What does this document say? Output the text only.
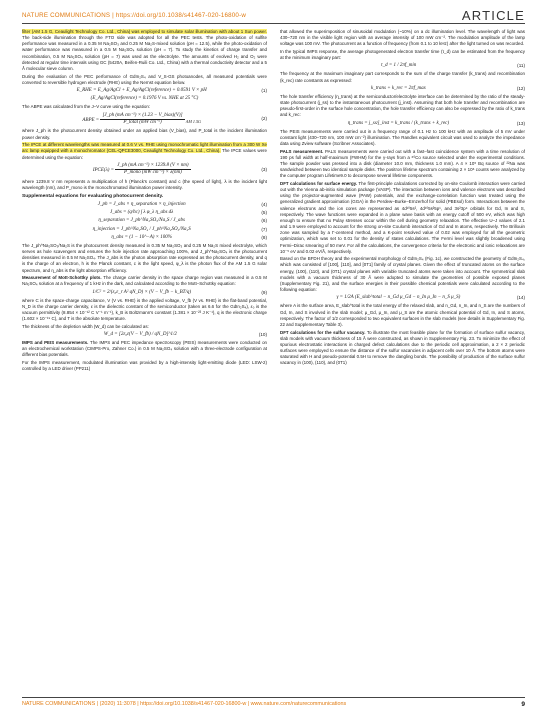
NATURE COMMUNICATIONS | https://doi.org/10.1038/s41467-020-16800-w	ARTICLE

filter (AM 1.5 G, Ceaulight Technology Co. Ltd., China) was employed to simulate solar illumination with about 1 Sun power. The back-side illumination through the FTO side was adopted for all the PEC tests. The photo-oxidation of sulfite performance was measured in a 0.35 M Na₂SO₃ and 0.25 M Na₂S-mixed solution (pH = 12.5), while the photo-oxidation of water performance was measured in a 0.5 M Na₂SO₄ solution (pH = 7). To study the kinetics of charge transfer and recombination, 0.5 M Na₂SO₄ solution (pH = 7) was used as the electrolyte. The amounts of evolved H₂ and O₂ were detected at regular time intervals using GC (5420A, Beifen-Ruili Co. Ltd., China) with a thermal conductivity detector and a 5 Å molecular sieve column.

During the evaluation of the PEC performance of GdIn₂S₄ and V_S-GS photoanodes, all measured potentials were converted to reversible hydrogen electrode (RHE) using the Nernst equation below.

E_RHE = E_Ag/AgCl + E_Ag/AgCl(reference) + 0.0591 V × pH	(1)
(E_Ag/AgCl(reference) = 0.1976 V vs. NHE at 25 °C)

The ABPE was calculated from the J–V curve using the equation:

ABPE = $\frac{\text{[J\_ph (mA cm⁻²) × (1.23 − V\_bias)(V)]}}{\text{P\_total (mW cm⁻²)}} _{AM 1.5G}$	(2)

where J_ph is the photocurrent density obtained under an applied bias (V_bias), and P_total is the incident illumination power density.

The IPCE at different wavelengths was measured at 0.6 V vs. RHE using monochromatic light illumination from a 300 W Xe arc lamp equipped with a monochromator (CEL-QPCE3000, Ceaulight Technology Co. Ltd., China). The IPCE values were determined using the equation:

IPCE(λ) = $\frac{\text{J\_ph (mA cm⁻²) × 1239.8 (V × nm)}}{\text{P\_mono (mW cm⁻²) × λ(nm)}}$	(3)

where 1239.8 V nm represents a multiplication of h (Planck's constant) and c (the speed of light), λ is the incident light wavelength (nm), and P_mono is the monochromated illumination power intensity.

Supplemental equations for evaluating photocurrent density.
J_ph = J_abs × η_separation × η_injection	(4)
J_abs = (q/hc) ∫ λ φ_λ η_abs dλ	(5)
η_separation = J_ph^Na₂SO₃/Na₂S / J_abs	(6)
η_injection = J_ph^Na₂SO₄ / J_ph^Na₂SO₃/Na₂S	(7)
η_abs = (1 − 10^−A) × 100%	(8)

The J_ph^Na₂SO₃/Na₂S is the photocurrent density measured in 0.35 M Na₂SO₃ and 0.25 M Na₂S mixed electrolyte, which serves as hole scavengers and ensures the hole injection rate approaching 100%, and J_ph^Na₂SO₄ is the photocurrent densities measured in 0.5 M Na₂SO₄. The J_abs is the photon absorption rate expressed as the photocurrent density, and q is the charge of an electron, h is the Planck constant, c is the light speed, φ_λ is the photon flux of the AM 1.5 G solar spectrum, and η_abs is the light absorption efficiency.

Measurement of Mott-Schottky plots. The charge carrier density in the space charge region was measured in a 0.5 M Na₂SO₄ solution at a frequency of 1 kHz in the dark, and calculated according to the Mott–Schottky equation:

1/C² = 2/(ε₀ε_r A² qN_D) × (V − V_fb − k_BT/q)	(9)

where C is the space-charge capacitance, V (V vs. RHE) is the applied voltage, V_fb (V vs. RHE) is the flat-band potential, N_D is the charge carrier density, ε is the dielectric constant of the semiconductor (taken as 6.6 for the GdIn₂S₄), ε₀ is the vacuum permittivity (8.854 × 10⁻¹² C V⁻¹ m⁻¹), k_B is Boltzmann's constant (1.381 × 10⁻²³ J K⁻¹), q is the electronic charge (1.602 × 10⁻¹⁹ C), and T is the absolute temperature.

The thickness of the depletion width (W_d) can be calculated as:

W_d = [2ε₀ε(V − V_fb) / qN_D]^1/2	(10)

IMPS and PEIS measurements. The IMPS and PEC impedance spectroscopy (PEIS) measurements were conducted on an electrochemical workstation (CIMPS-Pro, Zahner Co.) in 0.5 M Na₂SO₄ solution with a three-electrode configuration at different bias potentials.

For the IMPS measurement, modulated illumination was provided by a high-intensity light-emitting diode (LED: LSW-2) controlled by a LED driver (PP211)

that allowed the superimposition of sinusoidal modulation (~10%) on a dc illumination level. The wavelength of light was 430–720 nm in the visible light region with an average intensity of 100 mW cm⁻². The modulation amplitude of the lamp voltage was 100 mV. The photocurrent as a function of frequency (from 0.1 to 10 kHz) after the light turned on was recorded.

In the typical IMPS response, the average photogenerated electron transfer time (τ_d) can be estimated from the frequency at the minimum imaginary part:

τ_d = 1 / 2πf_min	(11)

The frequency at the maximum imaginary part corresponds to the sum of the charge transfer (k_trans) and recombination (k_rec) rate constants as expressed:

k_trans + k_rec = 2πf_max	(12)

The hole transfer efficiency (η_trans) at the semiconductor/electrolyte interface can be determined by the ratio of the steady-state photocurrent (j_ss) to the instantaneous photocurrent (j_inst). Assuming that both hole transfer and recombination are pseudo-first-order in the surface hole concentration, the hole transfer efficiency can also be expressed by the ratio of k_trans and k_rec:

η_trans = j_ss/j_inst = k_trans / (k_trans + k_rec)	(13)

The PEIS measurements were carried out in a frequency range of 0.1 Hz to 100 kHz with an amplitude of 5 mV under constant light (430–720 nm, 100 mW cm⁻²) illumination. The Randles equivalent circuit was used to analyze the impedance data using Zview software (Scribner Associates).

PALS measurement. PALS measurements were carried out with a fast–fast coincidence system with a time resolution of 190 ps full width at half-maximum (FWHM) for the γ-rays from a ⁶⁰Co source selected under the experimental conditions. The sample powder was pressed into a disk (diameter 10.0 mm, thickness 1.0 mm). A 4 × 10⁵ Bq source of ²²Na was sandwiched between two identical sample disks. The positron lifetime spectrum containing 2 × 10⁶ counts were analyzed by the computer program Lifetime9.0 to decompose several lifetime components.

DFT calculations for surface energy. The first-principle calculations corrected by on-site Coulomb interaction were carried out with the Vienna ab-initio simulation package (VASP). The interaction between ions and valence electrons was described using the projector-augmented wave (PAW) potentials, and the exchange-correlation function was treated using the generalized gradient approximation (GGA) in the Perdew–Burke–Ernzerhof for solid (PBEsol) form. Interactions between the valence electrons and the ion cores are represented as 4d¹⁰5s², 4d¹⁰5s²5p¹, and 3s²3p⁴ orbitals for Gd, In and S, respectively. The wave functions were expanded in a plane wave basis with an energy cutoff of 500 eV, which was high enough to ensure that no Pulay stresses occur within the cell during geometry relaxation. The effective U–J values of 2.1 and 1.9 were employed to account for the strong on-site Coulomb interaction of Gd and In atoms, respectively. The Brillouin zone was sampled by a Γ-centered method, and a K-point resolved value of 0.02 was employed for all the geometric optimization, which was set to 0.01 for the density of states calculations. The Fermi level was slightly broadened using Fermi–Dirac smearing of 50 meV. For all the calculations, the convergence criteria for the electronic and ionic relaxations are 10⁻⁵ eV and 0.02 eV/Å, respectively.

Based on the BFDH theory and the experimental morphology of GdIn₂S₄ (Fig. 1c), we constructed the geometry of GdIn₂S₄, which was consisted of [100], [110], and [0T1] family of crystal planes. Given the effect of truncated atoms on the surface energy, (100), (110), and (0T1) crystal planes with variable truncated atoms were taken into account. The symmetrical slab models with a vacuum thickness of 30 Å were adopted to simulate the geometries of possible exposed planes (Supplementary Fig. 21), and the surface energies in their possible chemical potentials were calculated according to the following equation:

γ = 1/2A (E_slab^total − n_Gd μ_Gd − n_In μ_In − n_S μ_S)	(14)

where A is the surface area, E_slab^total is the total energy of the relaxed slab, and n_Gd, n_In, and n_S are the numbers of Gd, In, and S involved in the slab model; μ_Gd, μ_In, and μ_S are the atomic chemical potential of Gd, In, and S atoms, respectively. The factor of 1/2 corresponded to two equivalent surfaces in the slab models (see details in Supplementary Fig. 22 and Supplementary Table 3).

DFT calculations for the sulfur vacancy. To illustrate the most feasible plane for the formation of surface sulfur vacancy, slab models with vacuum thickness of 15 Å were constructed, as shown in Supplementary Fig. 23. To minimize the effect of spurious electrostatic interactions in charged defect calculations due to the periodic cell approximation, a 2 × 2 periodic surfaces were employed to ensure the distance of the sulfur vacancies in adjacent cells over 10 Å. The bottom atoms were saturated with H and pseudo-potential 0.5H to remove the dangling bonds. The possibility of production of the surface sulfur vacancy in (100), (110), and (0T1)

NATURE COMMUNICATIONS | (2020) 11:3078 | https://doi.org/10.1038/s41467-020-16800-w | www.nature.com/naturecommunications	9
